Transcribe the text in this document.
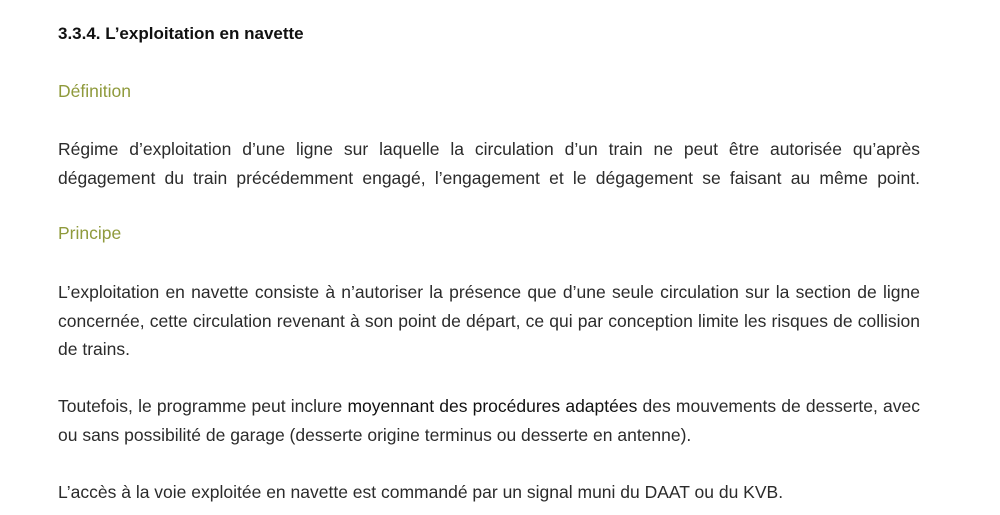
3.3.4. L’exploitation en navette
Définition
Régime d’exploitation d’une ligne sur laquelle la circulation d’un train ne peut être autorisée qu’après dégagement du train précédemment engagé, l’engagement et le dégagement se faisant au même point.
Principe
L’exploitation en navette consiste à n’autoriser la présence que d’une seule circulation sur la section de ligne concernée, cette circulation revenant à son point de départ, ce qui par conception limite les risques de collision de trains.
Toutefois, le programme peut inclure moyennant des procédures adaptées des mouvements de desserte, avec ou sans possibilité de garage (desserte origine terminus ou desserte en antenne).
L’accès à la voie exploitée en navette est commandé par un signal muni du DAAT ou du KVB.
